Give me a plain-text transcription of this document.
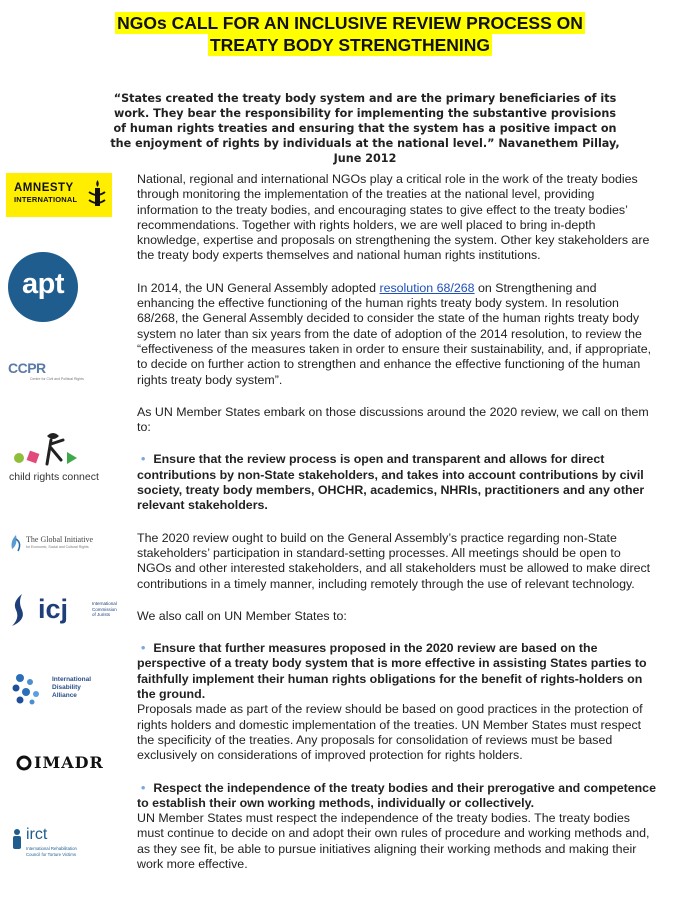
NGOs CALL FOR AN INCLUSIVE REVIEW PROCESS ON
TREATY BODY STRENGTHENING
“States created the treaty body system and are the primary beneficiaries of its work. They bear the responsibility for implementing the substantive provisions of human rights treaties and ensuring that the system has a positive impact on the enjoyment of rights by individuals at the national level.” Navanethem Pillay, June 2012
AMNESTY
INTERNATIONAL
apt
CCPR
Centre for Civil and Political Rights
child rights connect
The Global Initiative
for Economic, Social and Cultural Rights
icj	International
Commission
of Jurists
International
Disability
Alliance
IMADR
irct
International Rehabilitation
Council for Torture Victims

National, regional and international NGOs play a critical role in the work of the treaty bodies through monitoring the implementation of the treaties at the national level, providing information to the treaty bodies, and encouraging states to give effect to the treaty bodies’ recommendations. Together with rights holders, we are well placed to bring in-depth knowledge, expertise and proposals on strengthening the system. Other key stakeholders are the treaty body experts themselves and national human rights institutions.

In 2014, the UN General Assembly adopted resolution 68/268 on Strengthening and enhancing the effective functioning of the human rights treaty body system. In resolution 68/268, the General Assembly decided to consider the state of the human rights treaty body system no later than six years from the date of adoption of the 2014 resolution, to review the “effectiveness of the measures taken in order to ensure their sustainability, and, if appropriate, to decide on further action to strengthen and enhance the effective functioning of the human rights treaty body system”.

As UN Member States embark on those discussions around the 2020 review, we call on them to:

• Ensure that the review process is open and transparent and allows for direct contributions by non-State stakeholders, and takes into account contributions by civil society, treaty body members, OHCHR, academics, NHRIs, practitioners and any other relevant stakeholders.

The 2020 review ought to build on the General Assembly’s practice regarding non-State stakeholders’ participation in standard-setting processes. All meetings should be open to NGOs and other interested stakeholders, and all stakeholders must be allowed to make direct contributions in a timely manner, including remotely through the use of relevant technology.

We also call on UN Member States to:

• Ensure that further measures proposed in the 2020 review are based on the perspective of a treaty body system that is more effective in assisting States parties to faithfully implement their human rights obligations for the benefit of rights-holders on the ground.

Proposals made as part of the review should be based on good practices in the protection of rights holders and domestic implementation of the treaties. UN Member States must respect the specificity of the treaties. Any proposals for consolidation of reviews must be based exclusively on considerations of improved protection for rights holders.

• Respect the independence of the treaty bodies and their prerogative and competence to establish their own working methods, individually or collectively.

UN Member States must respect the independence of the treaty bodies. The treaty bodies must continue to decide on and adopt their own rules of procedure and working methods and, as they see fit, be able to pursue initiatives aligning their working methods and making their work more effective.
